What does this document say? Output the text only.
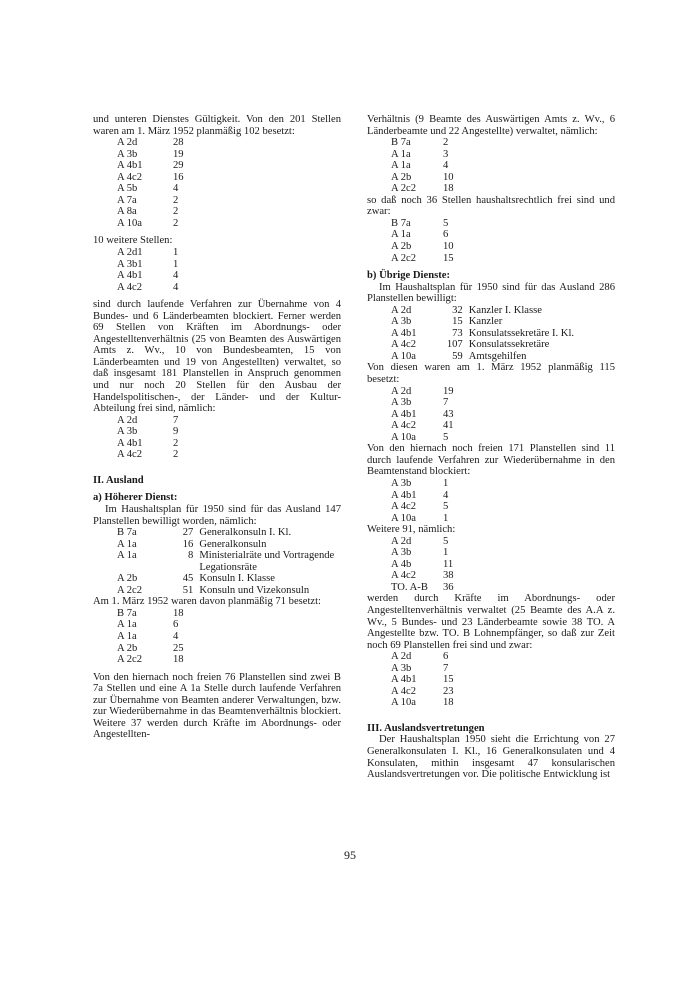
und unteren Dienstes Gültigkeit. Von den 201 Stellen waren am 1. März 1952 planmäßig 102 besetzt:

A 2d	28
A 3b	19
A 4b1	29
A 4c2	16
A 5b	4
A 7a	2
A 8a	2
A 10a	2

10 weitere Stellen:

A 2d1	1
A 3b1	1
A 4b1	4
A 4c2	4

sind durch laufende Verfahren zur Übernahme von 4 Bundes- und 6 Länderbeamten blockiert. Ferner werden 69 Stellen von Kräften im Abordnungs- oder Angestelltenverhältnis (25 von Beamten des Auswärtigen Amts z. Wv., 10 von Bundesbeamten, 15 von Länderbeamten und 19 von Angestellten) verwaltet, so daß insgesamt 181 Planstellen in Anspruch genommen und nur noch 20 Stellen für den Ausbau der Handelspolitischen-, der Länder- und der Kultur-Abteilung frei sind, nämlich:

A 2d	7
A 3b	9
A 4b1	2
A 4c2	2
II. Ausland
a) Höherer Dienst:

Im Haushaltsplan für 1950 sind für das Ausland 147 Planstellen bewilligt worden, nämlich:

B 7a	27	Generalkonsuln I. Kl.
A 1a	16	Generalkonsuln
A 1a	8	Ministerialräte und Vortragende Legationsräte
A 2b	45	Konsuln I. Klasse
A 2c2	51	Konsuln und Vizekonsuln

Am 1. März 1952 waren davon planmäßig 71 besetzt:

B 7a	18
A 1a	6
A 1a	4
A 2b	25
A 2c2	18

Von den hiernach noch freien 76 Planstellen sind zwei B 7a Stellen und eine A 1a Stelle durch laufende Verfahren zur Übernahme von Beamten anderer Verwaltungen, bzw. zur Wiederübernahme in das Beamtenverhältnis blockiert. Weitere 37 werden durch Kräfte im Abordnungs- oder Angestellten-

Verhältnis (9 Beamte des Auswärtigen Amts z. Wv., 6 Länderbeamte und 22 Angestellte) verwaltet, nämlich:

B 7a	2
A 1a	3
A 1a	4
A 2b	10
A 2c2	18

so daß noch 36 Stellen haushaltsrechtlich frei sind und zwar:

B 7a	5
A 1a	6
A 2b	10
A 2c2	15
b) Übrige Dienste:

Im Haushaltsplan für 1950 sind für das Ausland 286 Planstellen bewilligt:

A 2d	32	Kanzler I. Klasse
A 3b	15	Kanzler
A 4b1	73	Konsulatssekretäre I. Kl.
A 4c2	107	Konsulatssekretäre
A 10a	59	Amtsgehilfen

Von diesen waren am 1. März 1952 planmäßig 115 besetzt:

A 2d	19
A 3b	7
A 4b1	43
A 4c2	41
A 10a	5

Von den hiernach noch freien 171 Planstellen sind 11 durch laufende Verfahren zur Wiederübernahme in den Beamtenstand blockiert:

A 3b	1
A 4b1	4
A 4c2	5
A 10a	1

Weitere 91, nämlich:

A 2d	5
A 3b	1
A 4b	11
A 4c2	38
TO. A-B	36

werden durch Kräfte im Abordnungs- oder Angestelltenverhältnis verwaltet (25 Beamte des A.A z. Wv., 5 Bundes- und 23 Länderbeamte sowie 38 TO. A Angestellte bzw. TO. B Lohnempfänger, so daß zur Zeit noch 69 Planstellen frei sind und zwar:

A 2d	6
A 3b	7
A 4b1	15
A 4c2	23
A 10a	18
III. Auslandsvertretungen

Der Haushaltsplan 1950 sieht die Errichtung von 27 Generalkonsulaten I. Kl., 16 Generalkonsulaten und 4 Konsulaten, mithin insgesamt 47 konsularischen Auslandsvertretungen vor. Die politische Entwicklung ist

95
